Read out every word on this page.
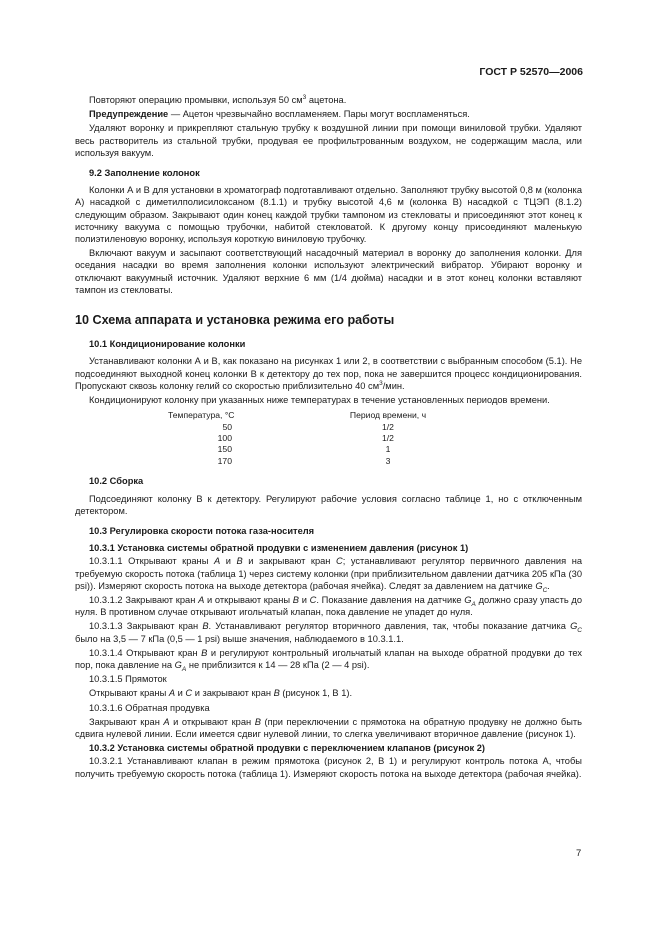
ГОСТ Р 52570—2006

Повторяют операцию промывки, используя 50 $см^3$ ацетона.

Предупреждение — Ацетон чрезвычайно воспламеняем. Пары могут воспламеняться.

Удаляют воронку и прикрепляют стальную трубку к воздушной линии при помощи виниловой трубки. Удаляют весь растворитель из стальной трубки, продувая ее профильтрованным воздухом, не содержащим масла, или используя вакуум.

9.2 Заполнение колонок

Колонки А и В для установки в хроматограф подготавливают отдельно. Заполняют трубку высотой 0,8 м (колонка А) насадкой с диметилполисилоксаном (8.1.1) и трубку высотой 4,6 м (колонка В) насадкой с ТЦЭП (8.1.2) следующим образом. Закрывают один конец каждой трубки тампоном из стекловаты и присоединяют этот конец к источнику вакуума с помощью трубочки, набитой стекловатой. К другому концу присоединяют маленькую полиэтиленовую воронку, используя короткую виниловую трубочку.

Включают вакуум и засыпают соответствующий насадочный материал в воронку до заполнения колонки. Для оседания насадки во время заполнения колонки используют электрический вибратор. Убирают воронку и отключают вакуумный источник. Удаляют верхние 6 мм (1/4 дюйма) насадки и в этот конец колонки вставляют тампон из стекловаты.

10 Схема аппарата и установка режима его работы
10.1 Кондиционирование колонки

Устанавливают колонки А и В, как показано на рисунках 1 или 2, в соответствии с выбранным способом (5.1). Не подсоединяют выходной конец колонки В к детектору до тех пор, пока не завершится процесс кондиционирования. Пропускают сквозь колонку гелий со скоростью приблизительно 40 $см^3$/мин.

Кондиционируют колонку при указанных ниже температурах в течение установленных периодов времени.

Температура, °С	Период времени, ч
50	1/2
100	1/2
150	1
170	3
10.2 Сборка

Подсоединяют колонку В к детектору. Регулируют рабочие условия согласно таблице 1, но с отключенным детектором.

10.3 Регулировка скорости потока газа-носителя
10.3.1 Установка системы обратной продувки с изменением давления (рисунок 1)

10.3.1.1 Открывают краны А и В и закрывают кран С; устанавливают регулятор первичного давления на требуемую скорость потока (таблица 1) через систему колонки (при приблизительном давлении датчика 205 кПа (30 psi)). Измеряют скорость потока на выходе детектора (рабочая ячейка). Следят за давлением на датчике $G_C$.

10.3.1.2 Закрывают кран А и открывают краны В и С. Показание давления на датчике $G_A$ должно сразу упасть до нуля. В противном случае открывают игольчатый клапан, пока давление не упадет до нуля.

10.3.1.3 Закрывают кран В. Устанавливают регулятор вторичного давления, так, чтобы показание датчика $G_C$ было на 3,5 — 7 кПа (0,5 — 1 psi) выше значения, наблюдаемого в 10.3.1.1.

10.3.1.4 Открывают кран В и регулируют контрольный игольчатый клапан на выходе обратной продувки до тех пор, пока давление на $G_A$ не приблизится к 14 — 28 кПа (2 — 4 psi).

10.3.1.5 Прямоток

Открывают краны А и С и закрывают кран В (рисунок 1, В 1).

10.3.1.6 Обратная продувка

Закрывают кран А и открывают кран В (при переключении с прямотока на обратную продувку не должно быть сдвига нулевой линии. Если имеется сдвиг нулевой линии, то слегка увеличивают вторичное давление (рисунок 1).

10.3.2 Установка системы обратной продувки с переключением клапанов (рисунок 2)

10.3.2.1 Устанавливают клапан в режим прямотока (рисунок 2, В 1) и регулируют контроль потока А, чтобы получить требуемую скорость потока (таблица 1). Измеряют скорость потока на выходе детектора (рабочая ячейка).

7
